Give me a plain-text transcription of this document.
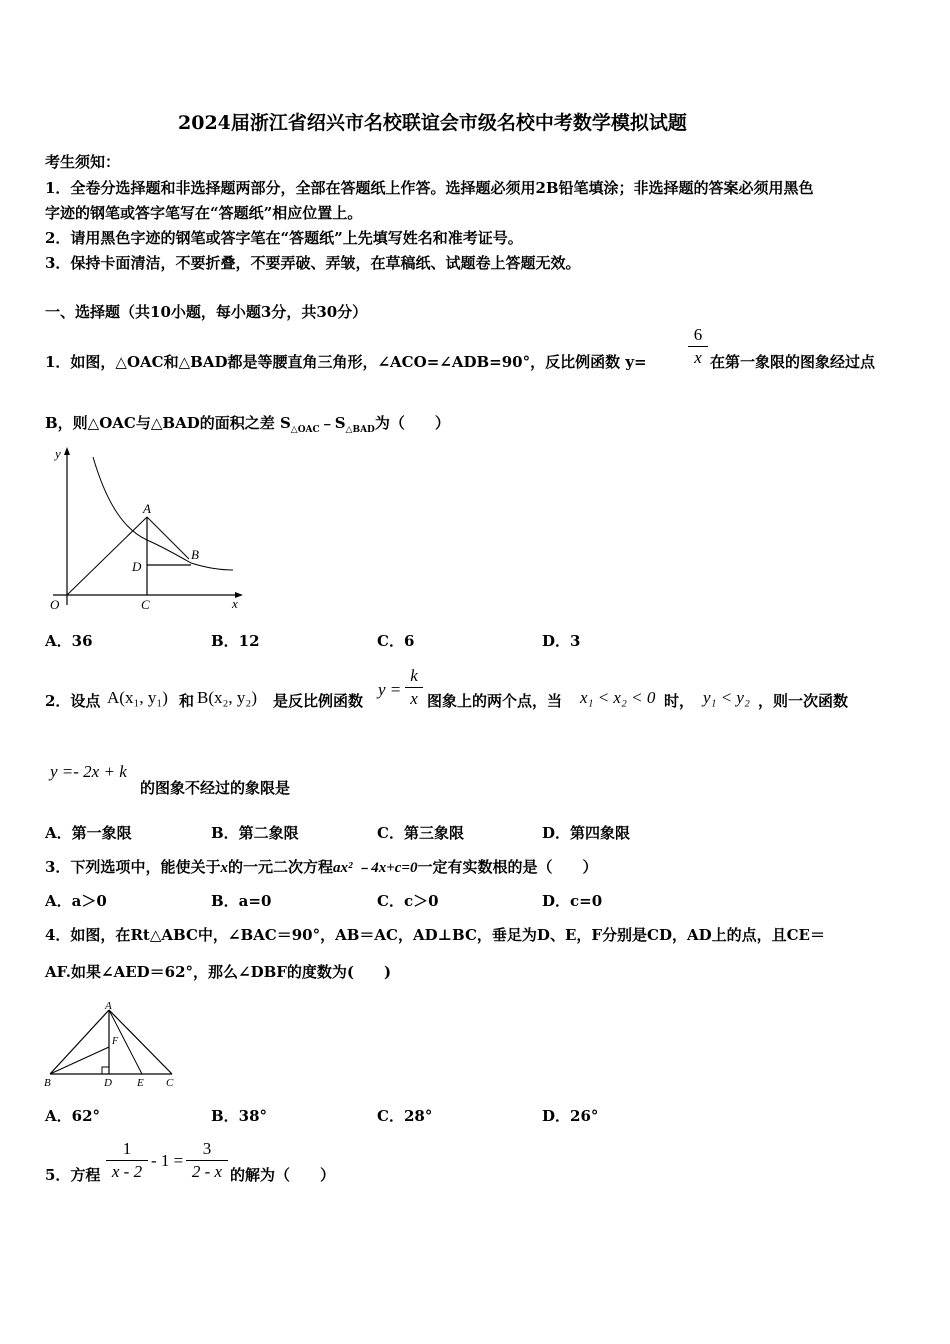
2024届浙江省绍兴市名校联谊会市级名校中考数学模拟试题
考生须知：
1．全卷分选择题和非选择题两部分，全部在答题纸上作答。选择题必须用2B铅笔填涂；非选择题的答案必须用黑色
字迹的钢笔或答字笔写在“答题纸”相应位置上。
2．请用黑色字迹的钢笔或答字笔在“答题纸”上先填写姓名和准考证号。
3．保持卡面清洁，不要折叠，不要弄破、弄皱，在草稿纸、试题卷上答题无效。
一、选择题（共10小题，每小题3分，共30分）
1．如图，△OAC和△BAD都是等腰直角三角形，∠ACO=∠ADB=90°，反比例函数 $y= \frac{6}{x}$ 在第一象限的图象经过点
B，则△OAC与△BAD的面积之差 $S_{\triangle OAC}﹣S_{\triangle BAD}$为（　　）
y
A
B
D
O	C	x
A．36	B．12	C．6	D．3
2．设点 A(x₁, y₁) 和 B(x₂, y₂) 是反比例函数
$y = \frac{k}{x}$ 图象上的两个点，当 x₁ < x₂ < 0 时， y₁ < y₂ ，则一次函数
y =- 2x + k
的图象不经过的象限是
A．第一象限	B．第二象限	C．第三象限	D．第四象限
3．下列选项中，能使关于x的一元二次方程ax² ﹣4x+c=0一定有实数根的是（　　）
A．a＞0	B．a=0	C．c＞0	D．c=0
4．如图，在Rt△ABC中，∠BAC＝90°，AB＝AC，AD⊥BC，垂足为D、E，F分别是CD，AD上的点，且CE＝
AF.如果∠AED＝62°，那么∠DBF的度数为(　　)
A
F
B	D E C
A．62°	B．38°	C．28°	D．26°
5．方程 $\frac{1}{x - 2} - 1 = \frac{3}{2 - x}$ 的解为（　　）
